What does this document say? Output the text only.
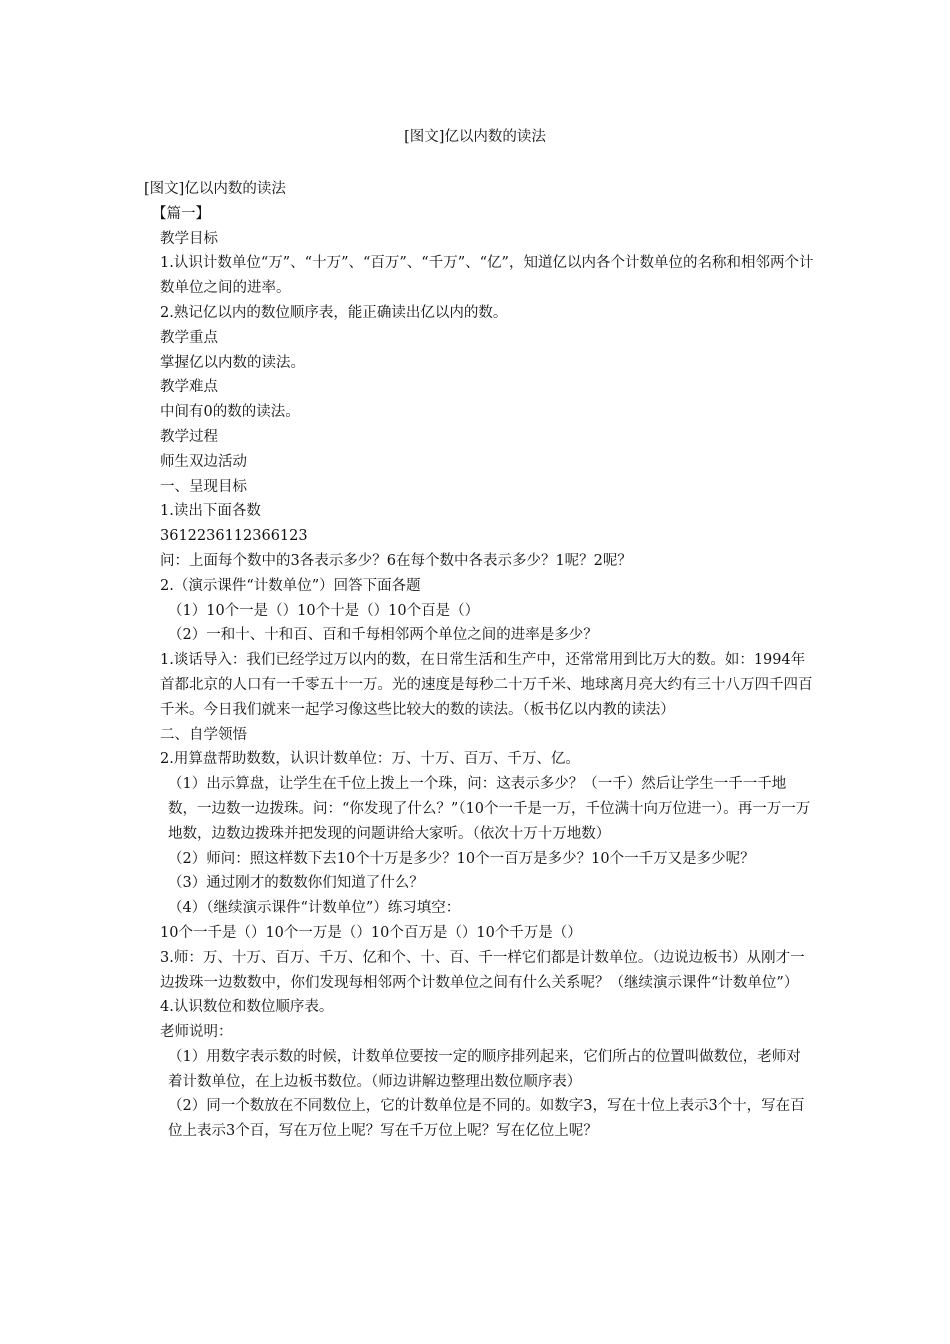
[图文]亿以内数的读法

[图文]亿以内数的读法

【篇一】

教学目标

1.认识计数单位“万”、“十万”、“百万”、“千万”、“亿”，知道亿以内各个计数单位的名称和相邻两个计数单位之间的进率。

2.熟记亿以内的数位顺序表，能正确读出亿以内的数。

教学重点

掌握亿以内数的读法。

教学难点

中间有0的数的读法。

教学过程

师生双边活动

一、呈现目标

1.读出下面各数

3612236112366123

问：上面每个数中的3各表示多少？6在每个数中各表示多少？1呢？2呢？

2.（演示课件“计数单位”）回答下面各题

（1）10个一是（）10个十是（）10个百是（）

（2）一和十、十和百、百和千每相邻两个单位之间的进率是多少？

1.谈话导入：我们已经学过万以内的数，在日常生活和生产中，还常常用到比万大的数。如：1994年首都北京的人口有一千零五十一万。光的速度是每秒二十万千米、地球离月亮大约有三十八万四千四百千米。今日我们就来一起学习像这些比较大的数的读法。（板书亿以内教的读法）

二、自学领悟

2.用算盘帮助数数，认识计数单位：万、十万、百万、千万、亿。

（1）出示算盘，让学生在千位上拨上一个珠，问：这表示多少？（一千）然后让学生一千一千地数，一边数一边拨珠。问：“你发现了什么？”（10个一千是一万，千位满十向万位进一）。再一万一万地数，边数边拨珠并把发现的问题讲给大家听。（依次十万十万地数）

（2）师问：照这样数下去10个十万是多少？10个一百万是多少？10个一千万又是多少呢？

（3）通过刚才的数数你们知道了什么？

（4）（继续演示课件“计数单位”）练习填空：

10个一千是（）10个一万是（）10个百万是（）10个千万是（）

3.师：万、十万、百万、千万、亿和个、十、百、千一样它们都是计数单位。（边说边板书）从刚才一边拨珠一边数数中，你们发现每相邻两个计数单位之间有什么关系呢？（继续演示课件“计数单位”）

4.认识数位和数位顺序表。

老师说明：

（1）用数字表示数的时候，计数单位要按一定的顺序排列起来，它们所占的位置叫做数位，老师对着计数单位，在上边板书数位。（师边讲解边整理出数位顺序表）

（2）同一个数放在不同数位上，它的计数单位是不同的。如数字3，写在十位上表示3个十，写在百位上表示3个百，写在万位上呢？写在千万位上呢？写在亿位上呢？
